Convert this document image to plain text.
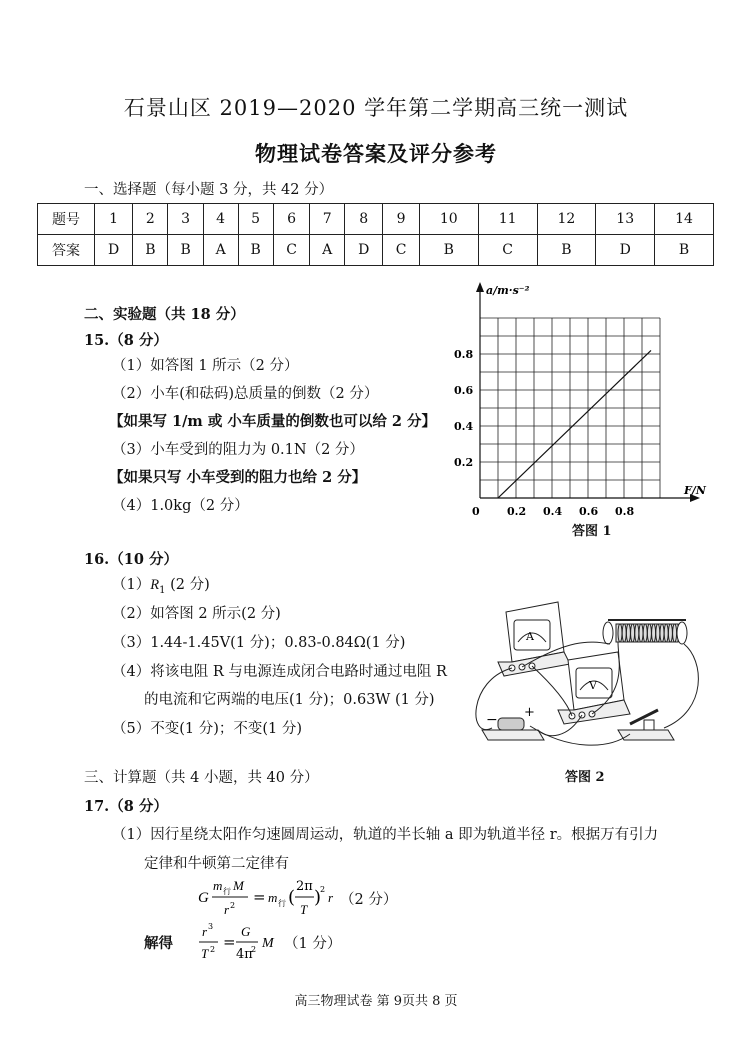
石景山区 2019—2020 学年第二学期高三统一测试
物理试卷答案及评分参考
一、选择题（每小题 3 分，共 42 分）
题号	1	2	3	4	5	6	7	8	9	10	11	12	13	14
答案	D	B	B	A	B	C	A	D	C	B	C	B	D	B
二、实验题（共 18 分）
15.（8 分）
（1）如答图 1 所示（2 分）
（2）小车(和砝码)总质量的倒数（2 分）
【如果写 1/m 或 小车质量的倒数也可以给 2 分】
（3）小车受到的阻力为 0.1N（2 分）
【如果只写 小车受到的阻力也给 2 分】
（4）1.0kg（2 分）
16.（10 分）
$(1)R_1$ (2 分)
（2）如答图 2 所示(2 分)
（3）1.44-1.45V(1 分)；0.83-0.84Ω(1 分)
（4）将该电阻 R 与电源连成闭合电路时通过电阻 R
的电流和它两端的电压(1 分)；0.63W (1 分)
（5）不变(1 分)；不变(1 分)
a/m·s⁻²
F/N
0
0.2
0.4
0.6
0.8
0.2 0.4 0.6 0.8
答图 1
A
V
− +
答图 2
三、计算题（共 4 小题，共 40 分）
17.（8 分）
（1）因行星绕太阳作匀速圆周运动，轨道的半长轴 a 即为轨道半径 r。根据万有引力
定律和牛顿第二定律有
G
m 行 M
r 2 = m 行 (
2π
T
)
2
r （2 分）
解得
r 3
T 2 =
G
4π
2 M （1 分）
高三物理试卷 第 9页共 8 页
